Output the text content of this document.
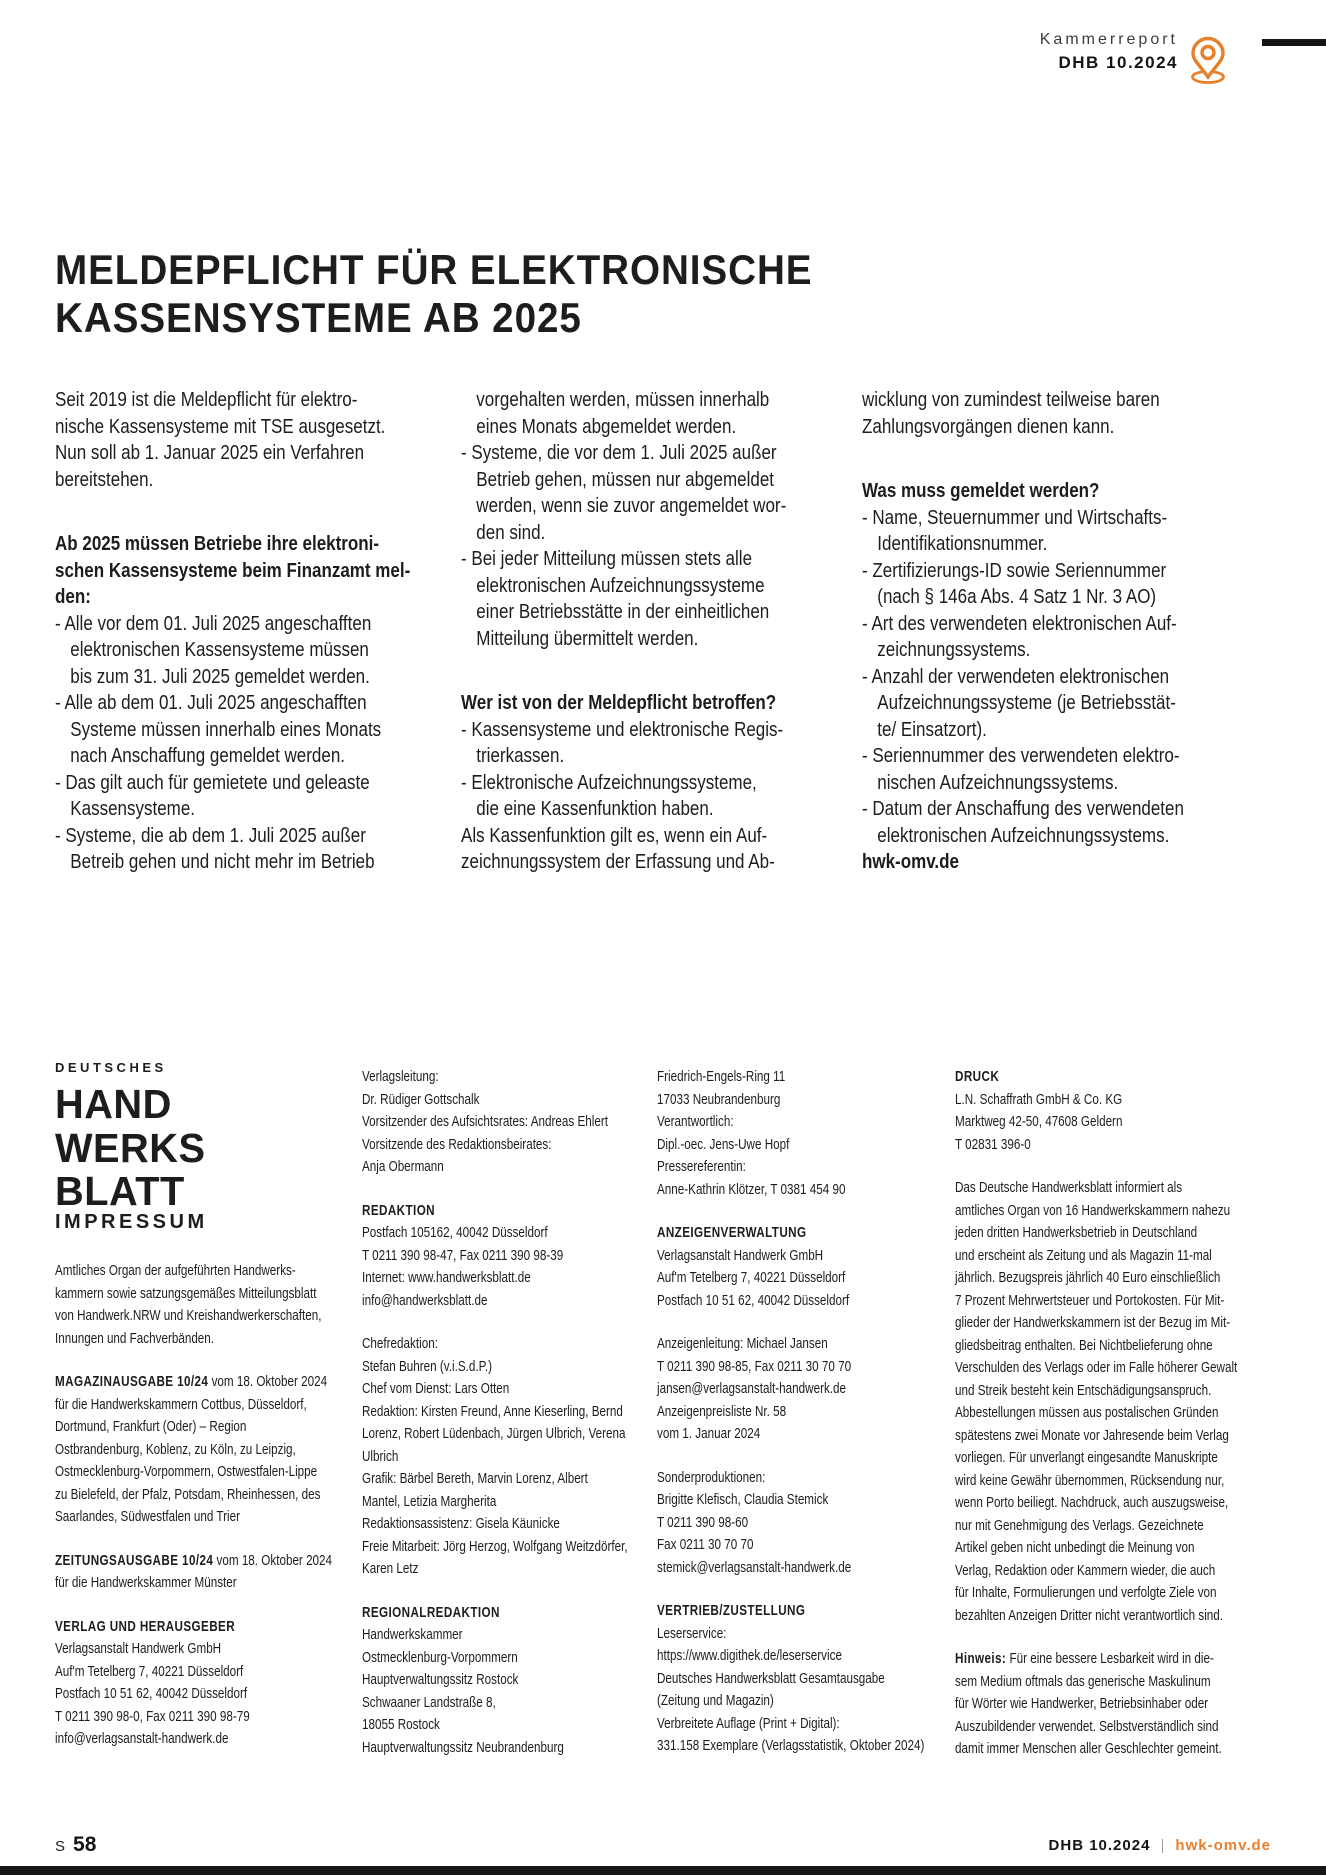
Kammerreport
DHB 10.2024
MELDEPFLICHT FÜR ELEKTRONISCHE
KASSENSYSTEME AB 2025
Seit 2019 ist die Meldepflicht für elektro-
nische Kassensysteme mit TSE ausgesetzt.
Nun soll ab 1. Januar 2025 ein Verfahren
bereitstehen.
Ab 2025 müssen Betriebe ihre elektroni-
schen Kassensysteme beim Finanzamt mel-
den:
- Alle vor dem 01. Juli 2025 angeschafften
elektronischen Kassensysteme müssen
bis zum 31. Juli 2025 gemeldet werden.
- Alle ab dem 01. Juli 2025 angeschafften
Systeme müssen innerhalb eines Monats
nach Anschaffung gemeldet werden.
- Das gilt auch für gemietete und geleaste
Kassensysteme.
- Systeme, die ab dem 1. Juli 2025 außer
Betreib gehen und nicht mehr im Betrieb
vorgehalten werden, müssen innerhalb
eines Monats abgemeldet werden.
- Systeme, die vor dem 1. Juli 2025 außer
Betrieb gehen, müssen nur abgemeldet
werden, wenn sie zuvor angemeldet wor-
den sind.
- Bei jeder Mitteilung müssen stets alle
elektronischen Aufzeichnungssysteme
einer Betriebsstätte in der einheitlichen
Mitteilung übermittelt werden.
Wer ist von der Meldepflicht betroffen?
- Kassensysteme und elektronische Regis-
trierkassen.
- Elektronische Aufzeichnungssysteme,
die eine Kassenfunktion haben.
Als Kassenfunktion gilt es, wenn ein Auf-
zeichnungssystem der Erfassung und Ab-
wicklung von zumindest teilweise baren
Zahlungsvorgängen dienen kann.
Was muss gemeldet werden?
- Name, Steuernummer und Wirtschafts-
Identifikationsnummer.
- Zertifizierungs-ID sowie Seriennummer
(nach § 146a Abs. 4 Satz 1 Nr. 3 AO)
- Art des verwendeten elektronischen Auf-
zeichnungssystems.
- Anzahl der verwendeten elektronischen
Aufzeichnungssysteme (je Betriebsstät-
te/ Einsatzort).
- Seriennummer des verwendeten elektro-
nischen Aufzeichnungssystems.
- Datum der Anschaffung des verwendeten
elektronischen Aufzeichnungssystems.
hwk-omv.de
DEUTSCHES
HAND
WERKS
BLATT
IMPRESSUM
Amtliches Organ der aufgeführten Handwerks-
kammern sowie satzungsgemäßes Mitteilungsblatt
von Handwerk.NRW und Kreishandwerkerschaften,
Innungen und Fachverbänden.
MAGAZINAUSGABE 10/24 vom 18. Oktober 2024
für die Handwerkskammern Cottbus, Düsseldorf,
Dortmund, Frankfurt (Oder) – Region
Ostbrandenburg, Koblenz, zu Köln, zu Leipzig,
Ostmecklenburg-Vorpommern, Ostwestfalen-Lippe
zu Bielefeld, der Pfalz, Potsdam, Rheinhessen, des
Saarlandes, Südwestfalen und Trier
ZEITUNGSAUSGABE 10/24 vom 18. Oktober 2024
für die Handwerkskammer Münster
VERLAG UND HERAUSGEBER
Verlagsanstalt Handwerk GmbH
Auf'm Tetelberg 7, 40221 Düsseldorf
Postfach 10 51 62, 40042 Düsseldorf
T 0211 390 98-0, Fax 0211 390 98-79
info@verlagsanstalt-handwerk.de
Verlagsleitung:
Dr. Rüdiger Gottschalk
Vorsitzender des Aufsichtsrates: Andreas Ehlert
Vorsitzende des Redaktionsbeirates:
Anja Obermann
REDAKTION
Postfach 105162, 40042 Düsseldorf
T 0211 390 98-47, Fax 0211 390 98-39
Internet: www.handwerksblatt.de
info@handwerksblatt.de
Chefredaktion:
Stefan Buhren (v.i.S.d.P.)
Chef vom Dienst: Lars Otten
Redaktion: Kirsten Freund, Anne Kieserling, Bernd
Lorenz, Robert Lüdenbach, Jürgen Ulbrich, Verena
Ulbrich
Grafik: Bärbel Bereth, Marvin Lorenz, Albert
Mantel, Letizia Margherita
Redaktionsassistenz: Gisela Käunicke
Freie Mitarbeit: Jörg Herzog, Wolfgang Weitzdörfer,
Karen Letz
REGIONALREDAKTION
Handwerkskammer
Ostmecklenburg-Vorpommern
Hauptverwaltungssitz Rostock
Schwaaner Landstraße 8,
18055 Rostock
Hauptverwaltungssitz Neubrandenburg
Friedrich-Engels-Ring 11
17033 Neubrandenburg
Verantwortlich:
Dipl.-oec. Jens-Uwe Hopf
Pressereferentin:
Anne-Kathrin Klötzer, T 0381 454 90
ANZEIGENVERWALTUNG
Verlagsanstalt Handwerk GmbH
Auf'm Tetelberg 7, 40221 Düsseldorf
Postfach 10 51 62, 40042 Düsseldorf
Anzeigenleitung: Michael Jansen
T 0211 390 98-85, Fax 0211 30 70 70
jansen@verlagsanstalt-handwerk.de
Anzeigenpreisliste Nr. 58
vom 1. Januar 2024
Sonderproduktionen:
Brigitte Klefisch, Claudia Stemick
T 0211 390 98-60
Fax 0211 30 70 70
stemick@verlagsanstalt-handwerk.de
VERTRIEB/ZUSTELLUNG
Leserservice:
https://www.digithek.de/leserservice
Deutsches Handwerksblatt Gesamtausgabe
(Zeitung und Magazin)
Verbreitete Auflage (Print + Digital):
331.158 Exemplare (Verlagsstatistik, Oktober 2024)
DRUCK
L.N. Schaffrath GmbH & Co. KG
Marktweg 42-50, 47608 Geldern
T 02831 396-0
Das Deutsche Handwerksblatt informiert als
amtliches Organ von 16 Handwerkskammern nahezu
jeden dritten Handwerksbetrieb in Deutschland
und erscheint als Zeitung und als Magazin 11-mal
jährlich. Bezugspreis jährlich 40 Euro einschließlich
7 Prozent Mehrwertsteuer und Portokosten. Für Mit-
glieder der Handwerkskammern ist der Bezug im Mit-
gliedsbeitrag enthalten. Bei Nichtbelieferung ohne
Verschulden des Verlags oder im Falle höherer Gewalt
und Streik besteht kein Entschädigungsanspruch.
Abbestellungen müssen aus postalischen Gründen
spätestens zwei Monate vor Jahresende beim Verlag
vorliegen. Für unverlangt eingesandte Manuskripte
wird keine Gewähr übernommen, Rücksendung nur,
wenn Porto beiliegt. Nachdruck, auch auszugsweise,
nur mit Genehmigung des Verlags. Gezeichnete
Artikel geben nicht unbedingt die Meinung von
Verlag, Redaktion oder Kammern wieder, die auch
für Inhalte, Formulierungen und verfolgte Ziele von
bezahlten Anzeigen Dritter nicht verantwortlich sind.
Hinweis: Für eine bessere Lesbarkeit wird in die-
sem Medium oftmals das generische Maskulinum
für Wörter wie Handwerker, Betriebsinhaber oder
Auszubildender verwendet. Selbstverständlich sind
damit immer Menschen aller Geschlechter gemeint.
S 58	DHB 10.2024 hwk-omv.de
